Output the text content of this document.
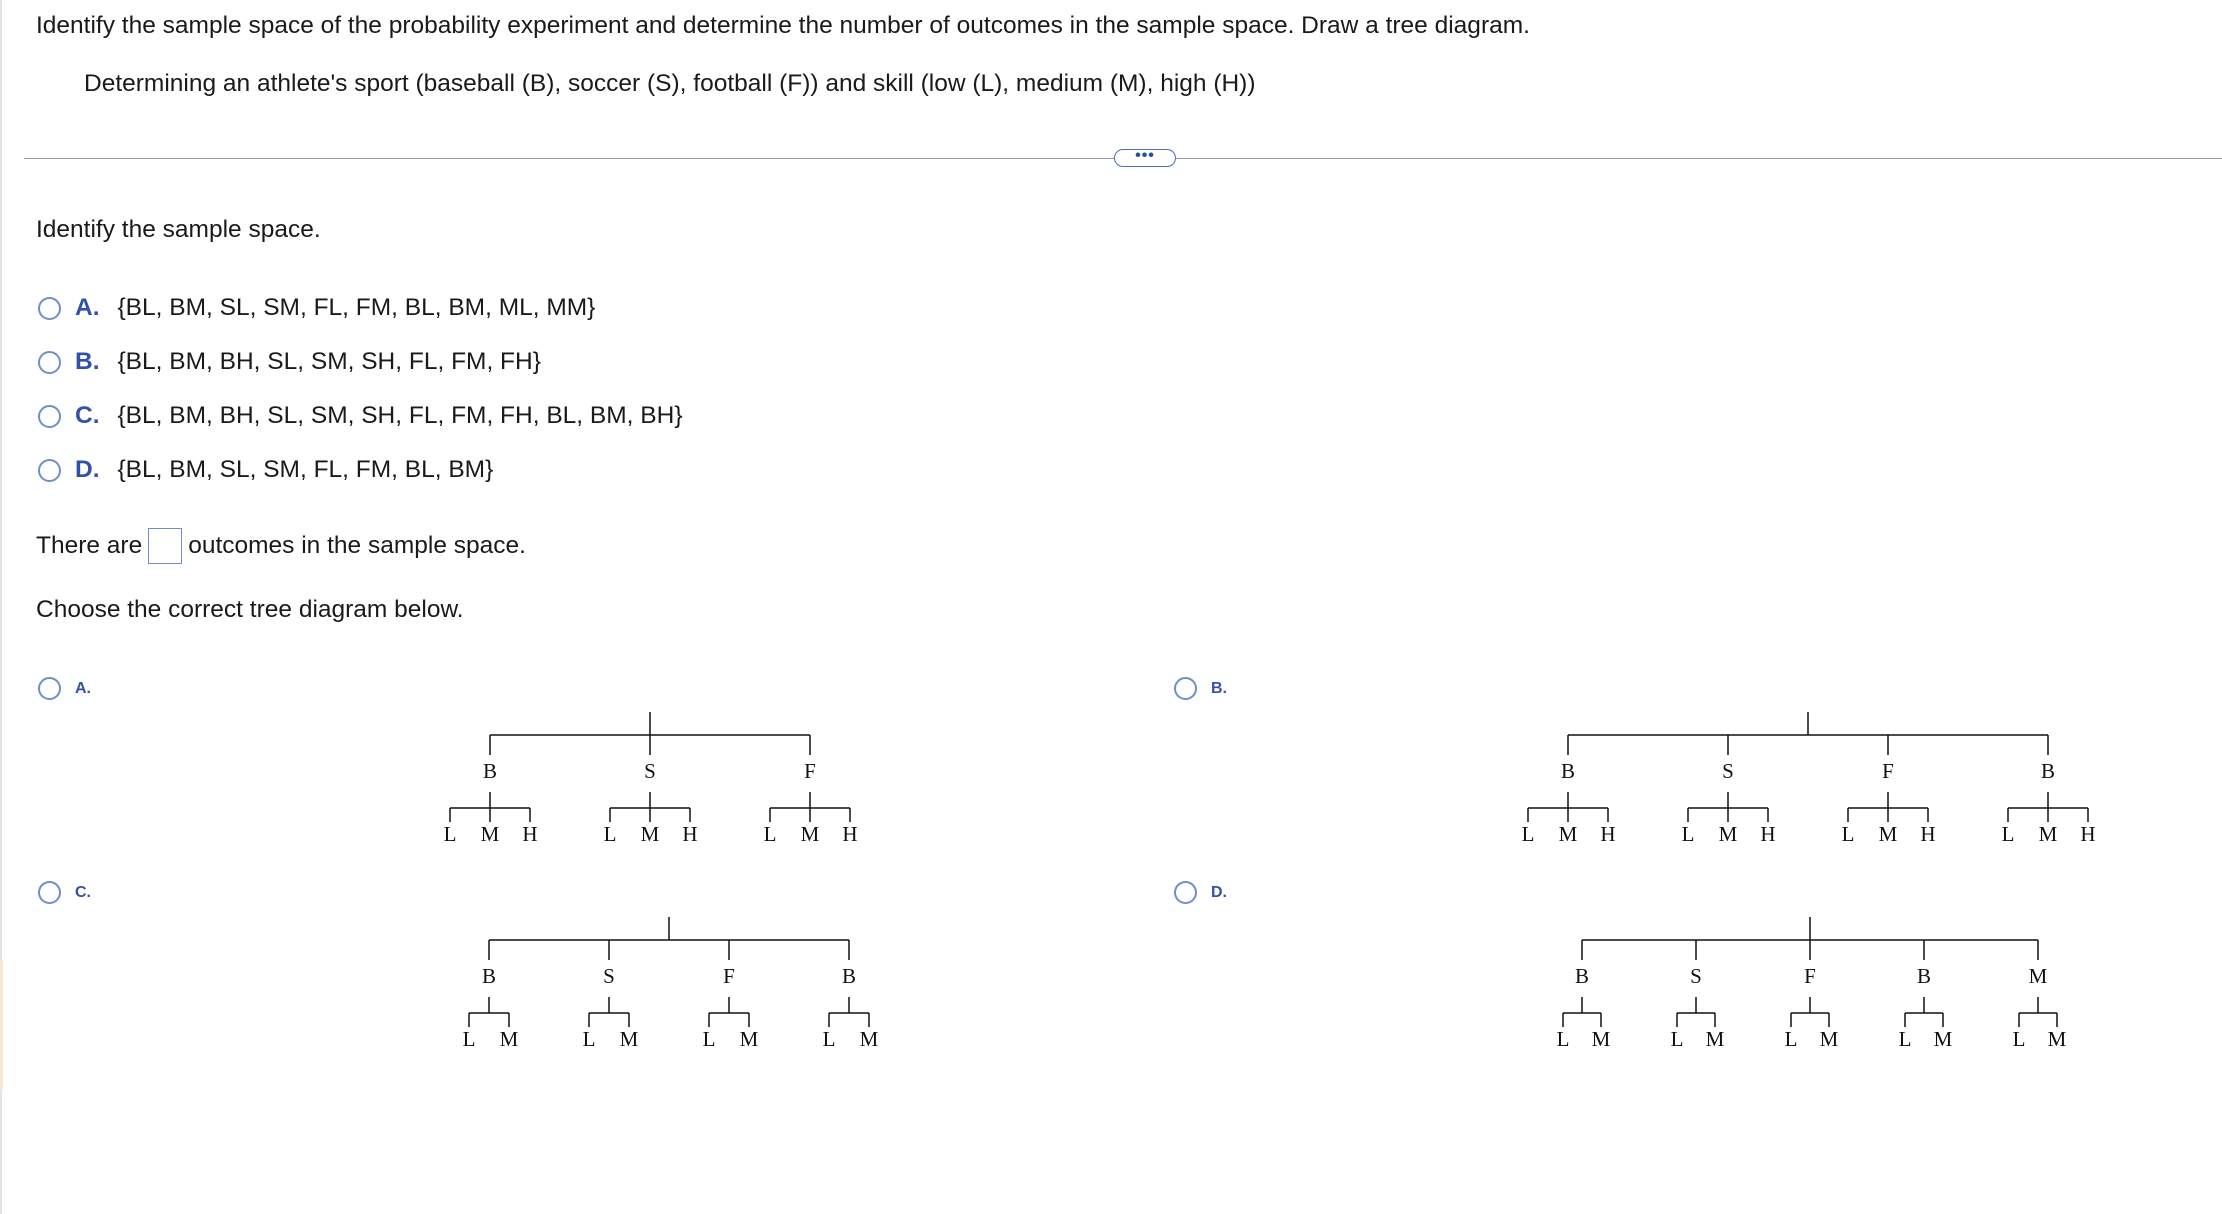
Identify the sample space of the probability experiment and determine the number of outcomes in the sample space. Draw a tree diagram.
Determining an athlete's sport (baseball (B), soccer (S), football (F)) and skill (low (L), medium (M), high (H))
•••
Identify the sample space.
A. {BL, BM, SL, SM, FL, FM, BL, BM, ML, MM}
B. {BL, BM, BH, SL, SM, SH, FL, FM, FH}
C. {BL, BM, BH, SL, SM, SH, FL, FM, FH, BL, BM, BH}
D. {BL, BM, SL, SM, FL, FM, BL, BM}
There are outcomes in the sample space.
Choose the correct tree diagram below.
A.	B.
C.	D.
B
L M H
S
L M H
F
L M H
B
L M H
S
L M H
F
L M H
B
L M H
B
L M
S
L M
F
L M
B
L M
B
L M
S
L M
F
L M
B
L M
M
L M
